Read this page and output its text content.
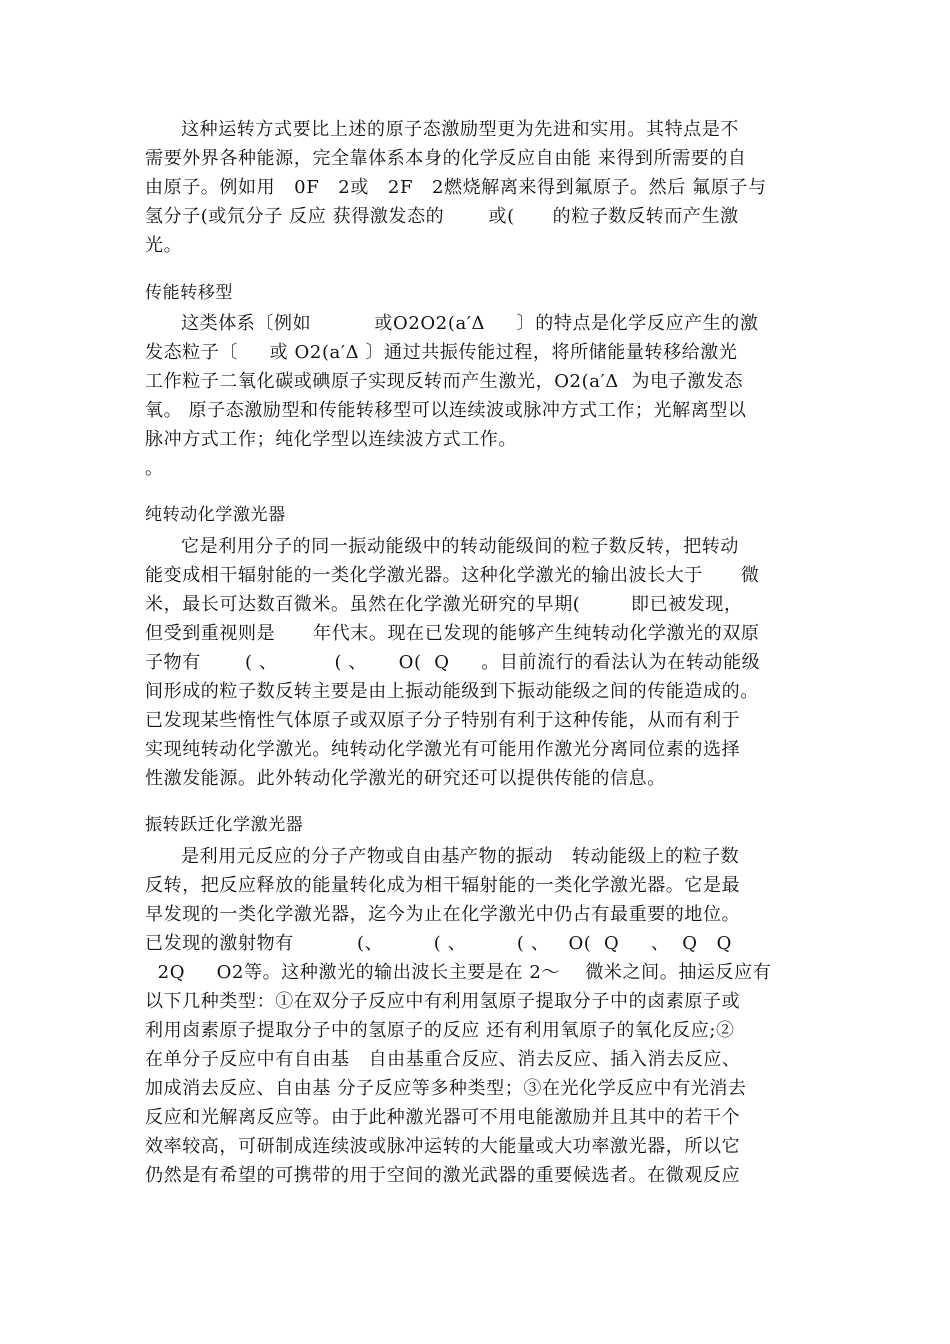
这种运转方式要比上述的原子态激励型更为先进和实用。其特点是不
需要外界各种能源，完全靠体系本身的化学反应自由能 来得到所需要的自
由原子。例如用   0F   2或   2F   2燃烧解离来得到氟原子。然后 氟原子与
氢分子(或氘分子 反应 获得激发态的       或(      的粒子数反转而产生激
光。
传能转移型
这类体系〔例如          或O2O2(a′Δ     〕的特点是化学反应产生的激
发态粒子〔     或 O2(a′Δ 〕通过共振传能过程，将所储能量转移给激光
工作粒子二氧化碳或碘原子实现反转而产生激光，O2(a′Δ  为电子激发态
氧。 原子态激励型和传能转移型可以连续波或脉冲方式工作；光解离型以
脉冲方式工作；纯化学型以连续波方式工作。
。
纯转动化学激光器
它是利用分子的同一振动能级中的转动能级间的粒子数反转，把转动
能变成相干辐射能的一类化学激光器。这种化学激光的输出波长大于      微
米，最长可达数百微米。虽然在化学激光研究的早期(        即已被发现，
但受到重视则是      年代末。现在已发现的能够产生纯转动化学激光的双原
子物有       ( 、         ( 、     O(  Q     。目前流行的看法认为在转动能级
间形成的粒子数反转主要是由上振动能级到下振动能级之间的传能造成的。
已发现某些惰性气体原子或双原子分子特别有利于这种传能，从而有利于
实现纯转动化学激光。纯转动化学激光有可能用作激光分离同位素的选择
性激发能源。此外转动化学激光的研究还可以提供传能的信息。
振转跃迁化学激光器
是利用元反应的分子产物或自由基产物的振动   转动能级上的粒子数
反转，把反应释放的能量转化成为相干辐射能的一类化学激光器。它是最
早发现的一类化学激光器，迄今为止在化学激光中仍占有最重要的地位。
已发现的激射物有          (、        ( 、        ( 、   O(  Q     、  Q   Q
2Q     O2等。这种激光的输出波长主要是在 2～    微米之间。抽运反应有
以下几种类型：①在双分子反应中有利用氢原子提取分子中的卤素原子或
利用卤素原子提取分子中的氢原子的反应 还有利用氧原子的氧化反应;②
在单分子反应中有自由基   自由基重合反应、消去反应、插入消去反应、
加成消去反应、自由基 分子反应等多种类型；③在光化学反应中有光消去
反应和光解离反应等。由于此种激光器可不用电能激励并且其中的若干个
效率较高，可研制成连续波或脉冲运转的大能量或大功率激光器，所以它
仍然是有希望的可携带的用于空间的激光武器的重要候选者。在微观反应
